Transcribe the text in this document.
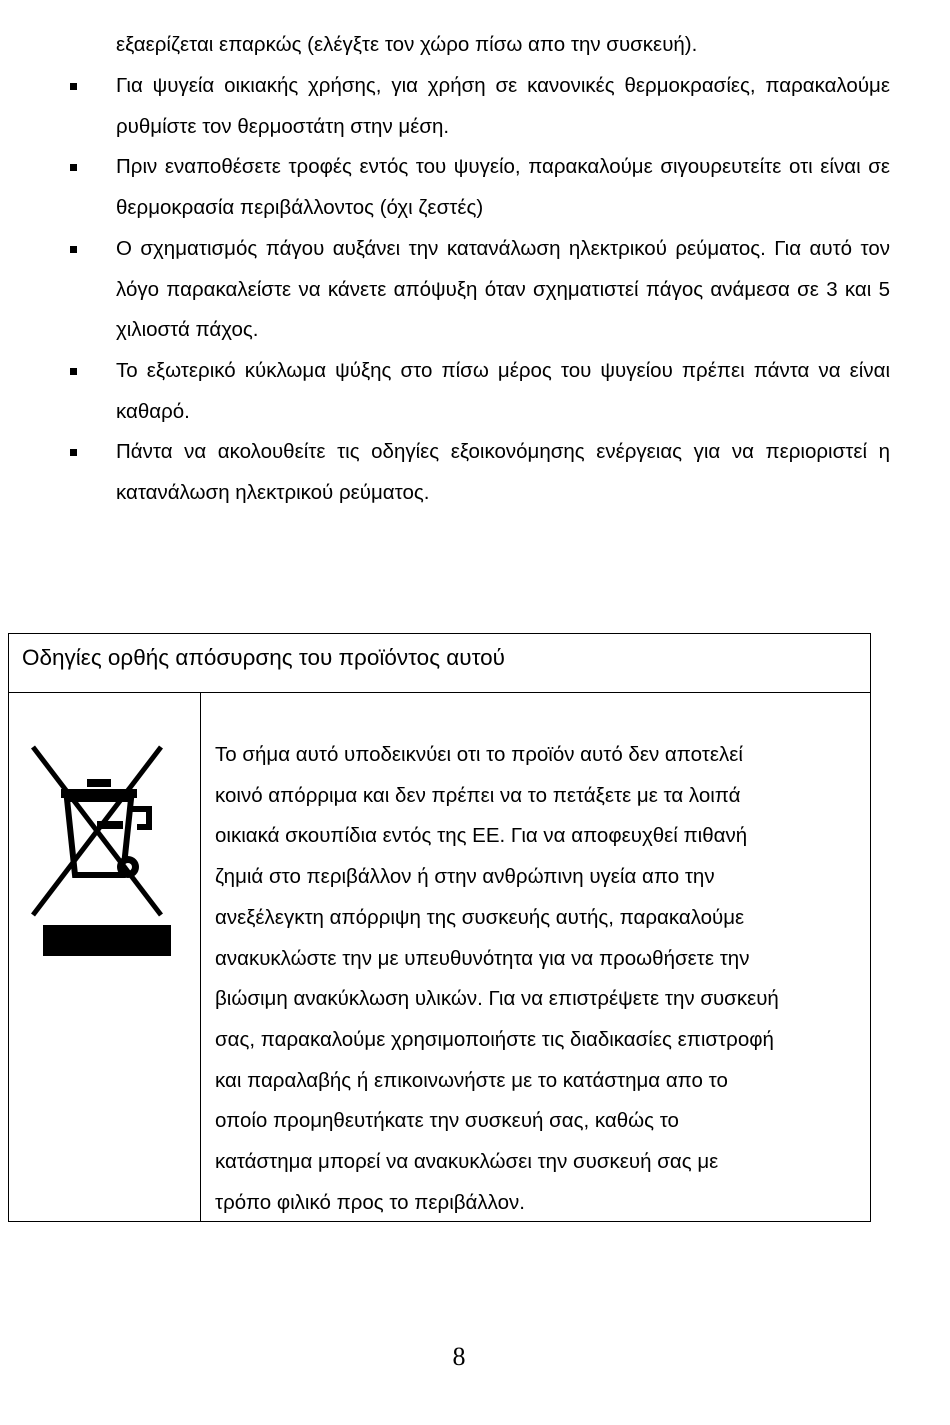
εξαερίζεται επαρκώς (ελέγξτε τον χώρο πίσω απο την συσκευή).
Για ψυγεία οικιακής χρήσης, για χρήση σε κανονικές θερμοκρασίες, παρακαλούμε ρυθμίστε τον θερμοστάτη στην μέση.
Πριν εναποθέσετε τροφές εντός του ψυγείο, παρακαλούμε σιγουρευτείτε οτι είναι σε θερμοκρασία περιβάλλοντος (όχι ζεστές)
Ο σχηματισμός πάγου αυξάνει την κατανάλωση ηλεκτρικού ρεύματος. Για αυτό τον λόγο παρακαλείστε να κάνετε απόψυξη όταν σχηματιστεί πάγος ανάμεσα σε 3 και 5 χιλιοστά πάχος.
Το εξωτερικό κύκλωμα ψύξης στο πίσω μέρος του ψυγείου πρέπει πάντα να είναι καθαρό.
Πάντα να ακολουθείτε τις οδηγίες εξοικονόμησης ενέργειας για να περιοριστεί η κατανάλωση ηλεκτρικού ρεύματος.
Οδηγίες ορθής απόσυρσης του προϊόντος αυτού

Το σήμα αυτό υποδεικνύει οτι το προϊόν αυτό δεν αποτελεί
κοινό απόρριμα και δεν πρέπει να το πετάξετε με τα λοιπά
οικιακά σκουπίδια εντός της ΕΕ. Για να αποφευχθεί πιθανή
ζημιά στο περιβάλλον ή στην ανθρώπινη υγεία απο την
ανεξέλεγκτη απόρριψη της συσκευής αυτής, παρακαλούμε
ανακυκλώστε την με υπευθυνότητα για να προωθήσετε την
βιώσιμη ανακύκλωση υλικών. Για να επιστρέψετε την συσκευή
σας, παρακαλούμε χρησιμοποιήστε τις διαδικασίες επιστροφή
και παραλαβής ή επικοινωνήστε με το κατάστημα απο το
οποίο προμηθευτήκατε την συσκευή σας, καθώς το
κατάστημα μπορεί να ανακυκλώσει την συσκευή σας με
τρόπο φιλικό προς το περιβάλλον.

8
